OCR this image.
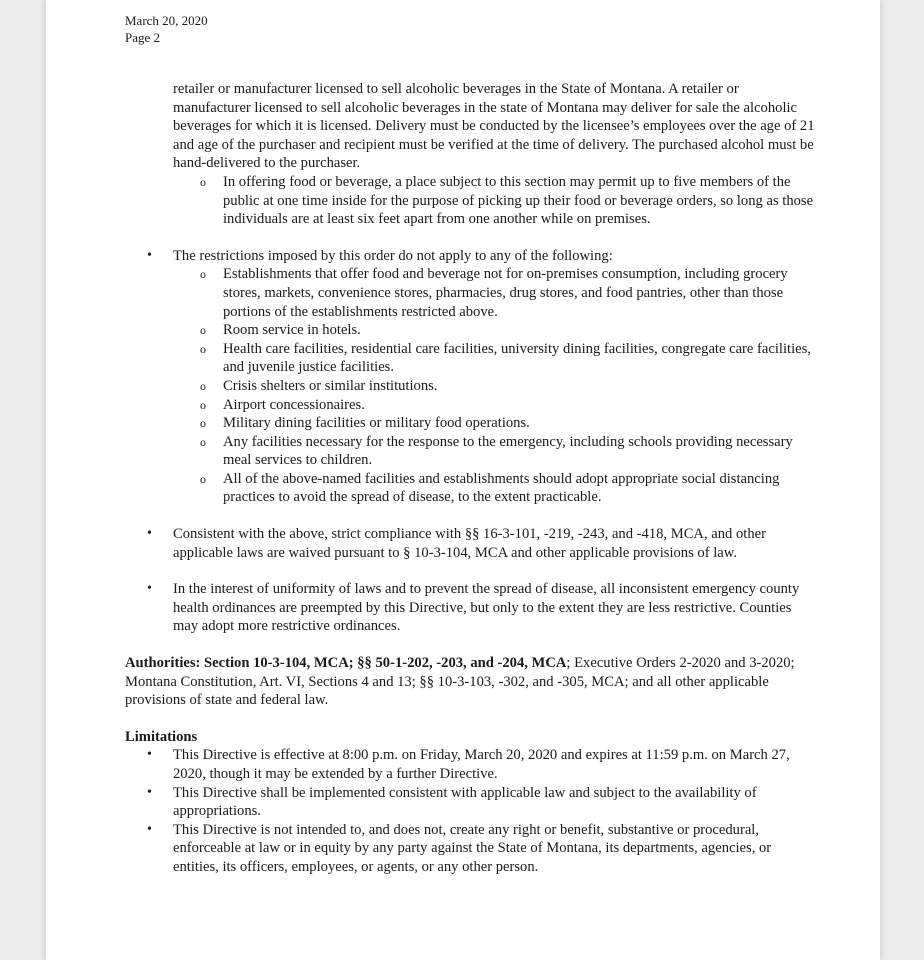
March 20, 2020
Page 2
retailer or manufacturer licensed to sell alcoholic beverages in the State of Montana. A retailer or manufacturer licensed to sell alcoholic beverages in the state of Montana may deliver for sale the alcoholic beverages for which it is licensed. Delivery must be conducted by the licensee’s employees over the age of 21 and age of the purchaser and recipient must be verified at the time of delivery. The purchased alcohol must be hand-delivered to the purchaser.
o In offering food or beverage, a place subject to this section may permit up to five members of the public at one time inside for the purpose of picking up their food or beverage orders, so long as those individuals are at least six feet apart from one another while on premises.
• The restrictions imposed by this order do not apply to any of the following:
o Establishments that offer food and beverage not for on-premises consumption, including grocery stores, markets, convenience stores, pharmacies, drug stores, and food pantries, other than those portions of the establishments restricted above.
o Room service in hotels.
o Health care facilities, residential care facilities, university dining facilities, congregate care facilities, and juvenile justice facilities.
o Crisis shelters or similar institutions.
o Airport concessionaires.
o Military dining facilities or military food operations.
o Any facilities necessary for the response to the emergency, including schools providing necessary meal services to children.
o All of the above-named facilities and establishments should adopt appropriate social distancing practices to avoid the spread of disease, to the extent practicable.
• Consistent with the above, strict compliance with §§ 16-3-101, -219, -243, and -418, MCA, and other applicable laws are waived pursuant to § 10-3-104, MCA and other applicable provisions of law.
• In the interest of uniformity of laws and to prevent the spread of disease, all inconsistent emergency county health ordinances are preempted by this Directive, but only to the extent they are less restrictive. Counties may adopt more restrictive ordinances.
Authorities: Section 10-3-104, MCA; §§ 50-1-202, -203, and -204, MCA; Executive Orders 2-2020 and 3-2020; Montana Constitution, Art. VI, Sections 4 and 13; §§ 10-3-103, -302, and -305, MCA; and all other applicable provisions of state and federal law.
Limitations
• This Directive is effective at 8:00 p.m. on Friday, March 20, 2020 and expires at 11:59 p.m. on March 27, 2020, though it may be extended by a further Directive.
• This Directive shall be implemented consistent with applicable law and subject to the availability of appropriations.
• This Directive is not intended to, and does not, create any right or benefit, substantive or procedural, enforceable at law or in equity by any party against the State of Montana, its departments, agencies, or entities, its officers, employees, or agents, or any other person.
